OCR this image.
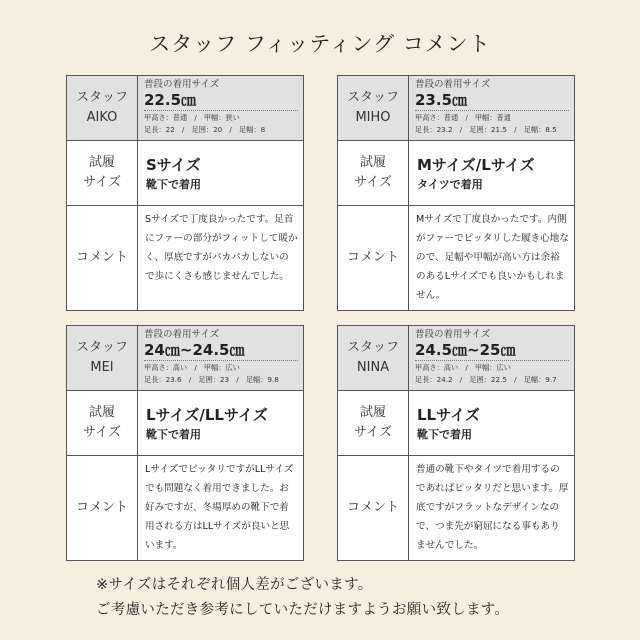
スタッフ フィッティング コメント
スタッフ
AIKO
普段の着用サイズ
22.5㎝
甲高さ：普通　/　甲幅：狭い
足長：22　/　足囲：20　/　足幅：8
試履
サイズ
Sサイズ
靴下で着用
コメント
Sサイズで丁度良かったです。足首にファーの部分がフィットして暖かく、厚底ですがパカパカしないので歩にくさも感じませんでした。
スタッフ
MIHO
普段の着用サイズ
23.5㎝
甲高さ：普通　/　甲幅：普通
足長：23.2　/　足囲：21.5　/　足幅：8.5
試履
サイズ
Mサイズ/Lサイズ
タイツで着用
コメント
Mサイズで丁度良かったです。内側がファーでピッタリした履き心地なので、足幅や甲幅が高い方は余裕のあるLサイズでも良いかもしれません。
スタッフ
MEI
普段の着用サイズ
24㎝~24.5㎝
甲高さ：高い　/　甲幅：広い
足長：23.6　/　足囲：23　/　足幅：9.8
試履
サイズ
Lサイズ/LLサイズ
靴下で着用
コメント
LサイズでピッタリですがLLサイズでも問題なく着用できました。お好みですが、冬場厚めの靴下で着用される方はLLサイズが良いと思います。
スタッフ
NINA
普段の着用サイズ
24.5㎝~25㎝
甲高さ：高い　/　甲幅：広い
足長：24.2　/　足囲：22.5　/　足幅：9.7
試履
サイズ
LLサイズ
靴下で着用
コメント
普通の靴下やタイツで着用するのであればピッタリだと思います。厚底ですがフラットなデザインなので、つま先が窮屈になる事もありませんでした。
※サイズはそれぞれ個人差がございます。
ご考慮いただき参考にしていただけますようお願い致します。
